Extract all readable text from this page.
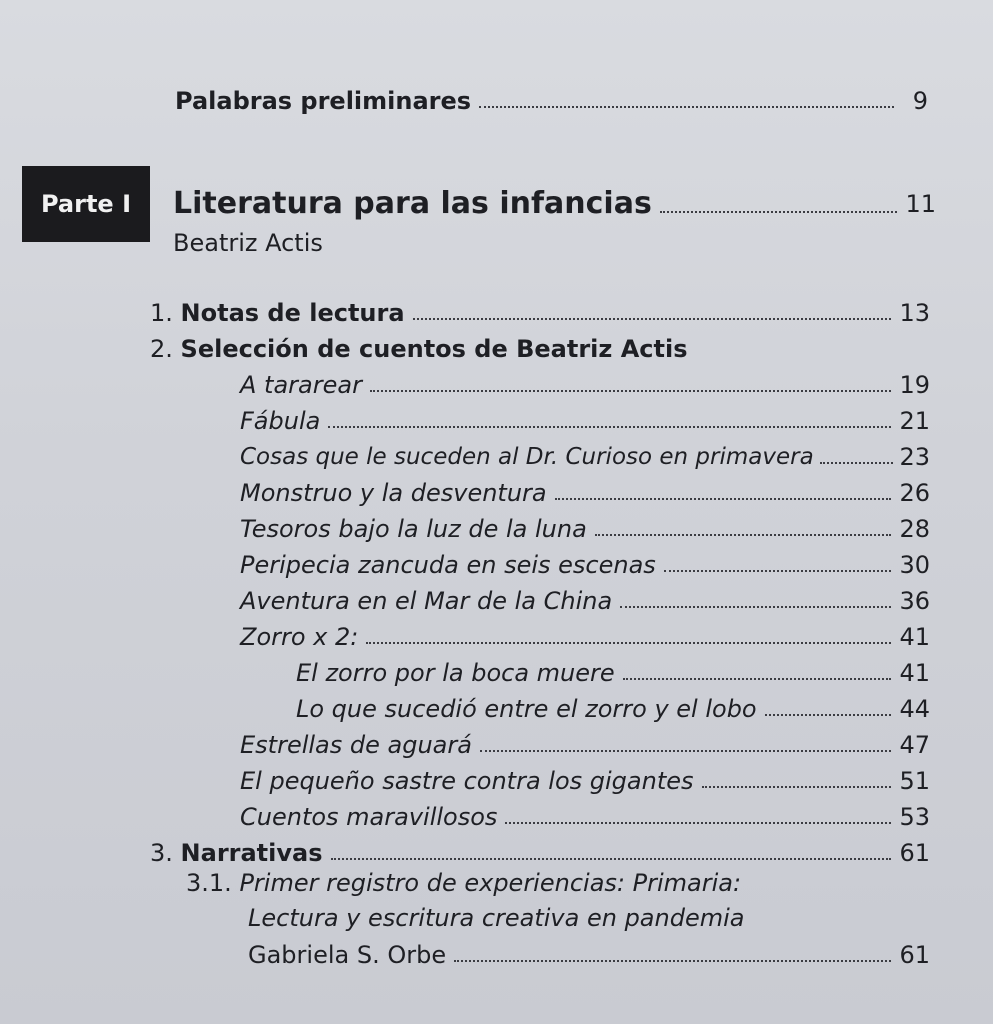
Palabras preliminares	9
Parte I	Literatura para las infancias	11
Beatriz Actis
1. Notas de lectura	13
2. Selección de cuentos de Beatriz Actis
A tararear	19
Fábula	21
Cosas que le suceden al Dr. Curioso en primavera	23
Monstruo y la desventura	26
Tesoros bajo la luz de la luna	28
Peripecia zancuda en seis escenas	30
Aventura en el Mar de la China	36
Zorro x 2:	41
El zorro por la boca muere	41
Lo que sucedió entre el zorro y el lobo	44
Estrellas de aguará	47
El pequeño sastre contra los gigantes	51
Cuentos maravillosos	53
3. Narrativas	61
3.1. Primer registro de experiencias: Primaria:
Lectura y escritura creativa en pandemia
Gabriela S. Orbe	61
